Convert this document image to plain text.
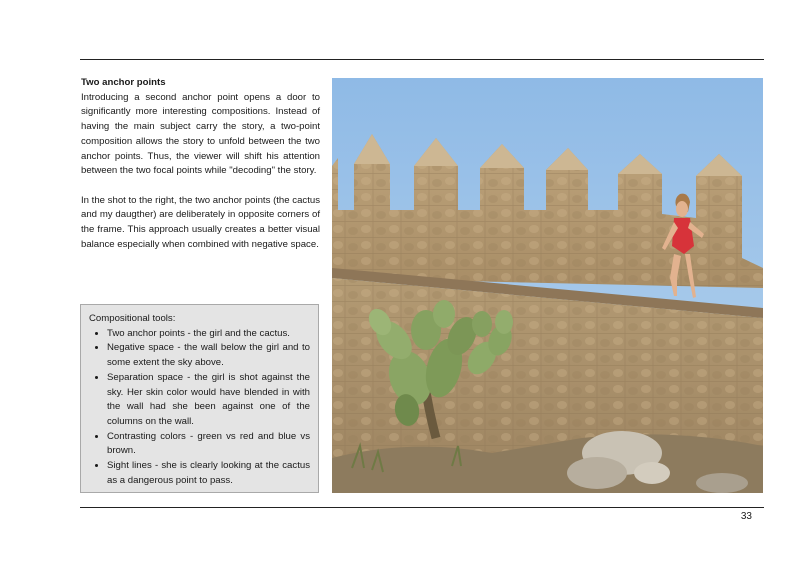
Two anchor points

Introducing a second anchor point opens a door to significantly more interesting compositions. Instead of having the main subject carry the story, a two-point composition allows the story to unfold between the two anchor points. Thus, the viewer will shift his attention between the two focal points while "decoding" the story.

In the shot to the right, the two anchor points (the cactus and my daugther) are deliberately in opposite corners of the frame. This approach usually creates a better visual balance especially when combined with negative space.

Compositional tools:
• Two anchor points - the girl and the cactus.
• Negative space - the wall below the girl and to some extent the sky above.
• Separation space - the girl is shot against the sky. Her skin color would have blended in with the wall had she been against one of the columns on the wall.
• Contrasting colors - green vs red and blue vs brown.
• Sight lines - she is clearly looking at the cactus as a dangerous point to pass.
33
